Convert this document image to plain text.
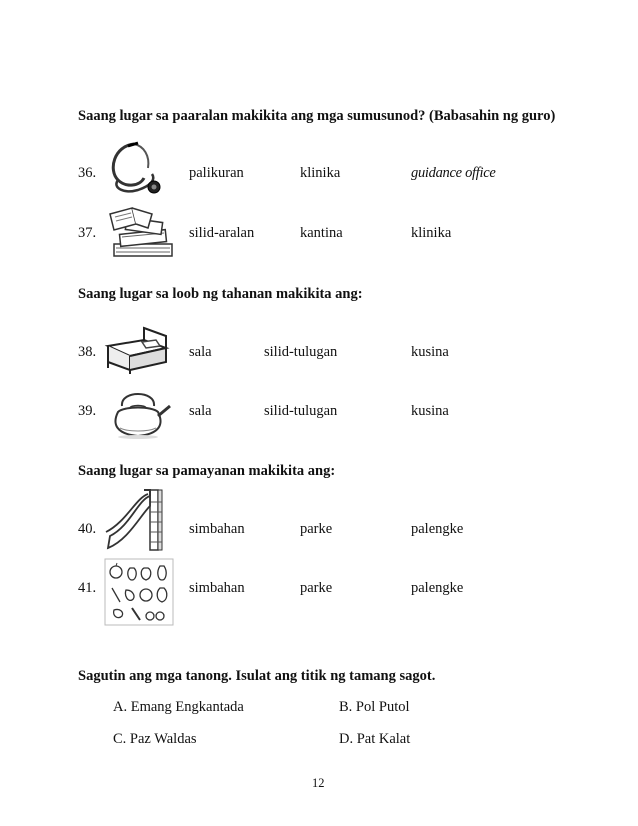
Saang lugar sa paaralan makikita ang mga sumusunod? (Babasahin ng guro)
36.	palikuran	klinika	guidance office
37.	silid-aralan	kantina	klinika
Saang lugar sa loob ng tahanan makikita ang:
38.	sala	silid-tulugan	kusina
39.	sala	silid-tulugan	kusina
Saang lugar sa pamayanan makikita ang:
40.	simbahan	parke	palengke
41.	simbahan	parke	palengke
Sagutin ang mga tanong. Isulat ang titik ng tamang sagot.
A. Emang Engkantada	B. Pol Putol
C. Paz Waldas	D. Pat Kalat
12
